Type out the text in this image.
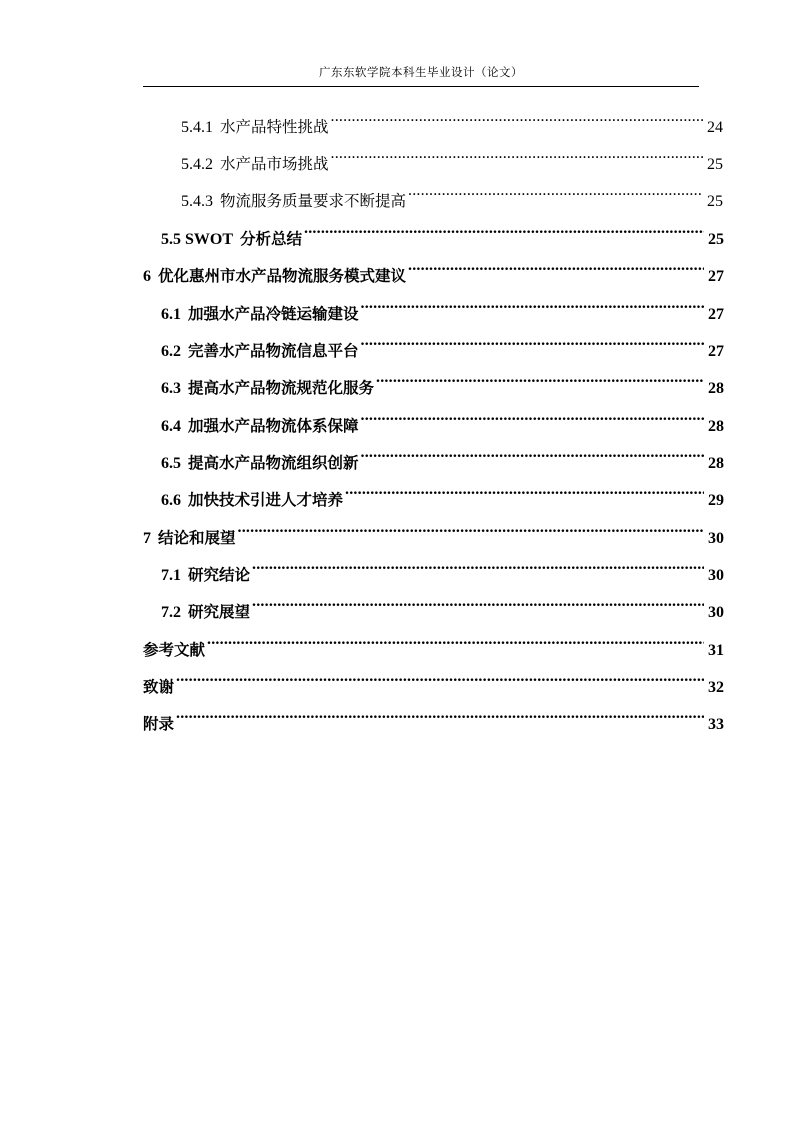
广东东软学院本科生毕业设计（论文）
5.4.1 水产品特性挑战 .....	24
5.4.2 水产品市场挑战 .....	25
5.4.3 物流服务质量要求不断提高 .....	25
5.5 SWOT 分析总结 .....	25
6 优化惠州市水产品物流服务模式建议 .....	27
6.1 加强水产品冷链运输建设 .....	27
6.2 完善水产品物流信息平台 .....	27
6.3 提高水产品物流规范化服务 .....	28
6.4 加强水产品物流体系保障 .....	28
6.5 提高水产品物流组织创新 .....	28
6.6 加快技术引进人才培养 .....	29
7 结论和展望 .....	30
7.1 研究结论 .....	30
7.2 研究展望 .....	30
参考文献 .....	31
致谢 .....	32
附录 .....	33
